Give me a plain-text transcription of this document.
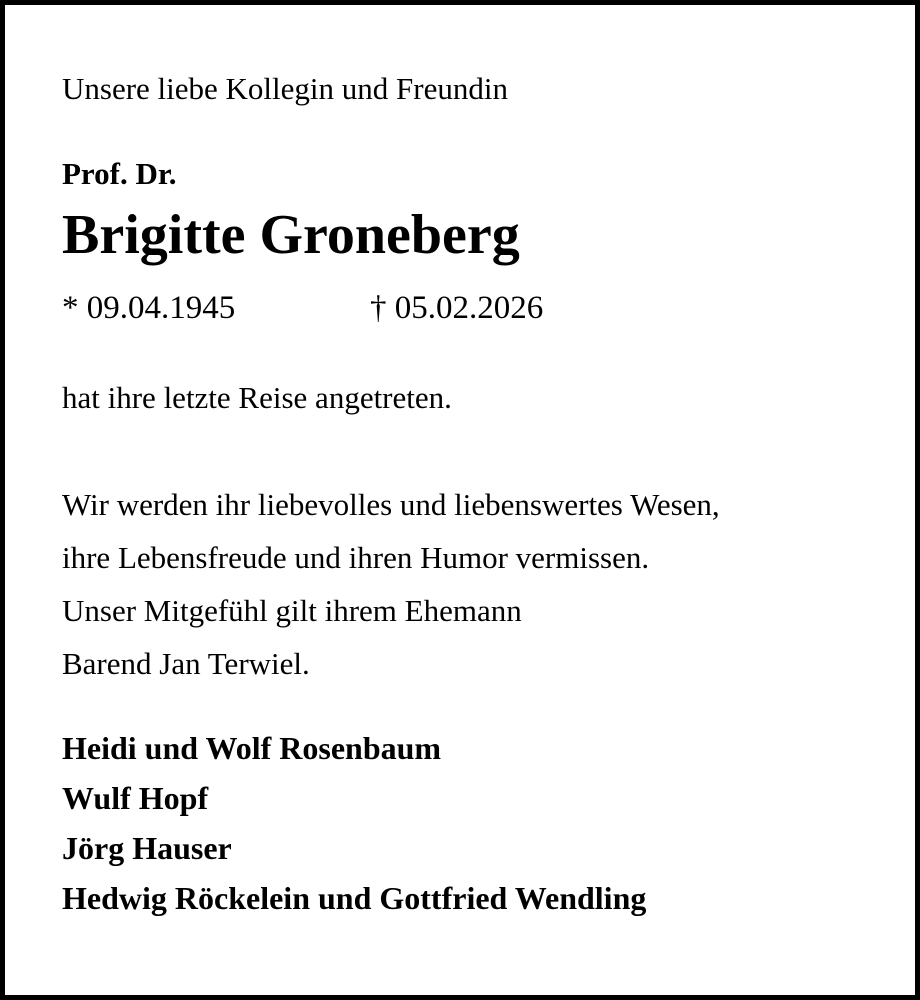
Unsere liebe Kollegin und Freundin

Prof. Dr.

Brigitte Groneberg

* 09.04.1945	† 05.02.2026

hat ihre letzte Reise angetreten.

Wir werden ihr liebevolles und liebenswertes Wesen,
ihre Lebensfreude und ihren Humor vermissen.
Unser Mitgefühl gilt ihrem Ehemann
Barend Jan Terwiel.
Heidi und Wolf Rosenbaum
Wulf Hopf
Jörg Hauser
Hedwig Röckelein und Gottfried Wendling
